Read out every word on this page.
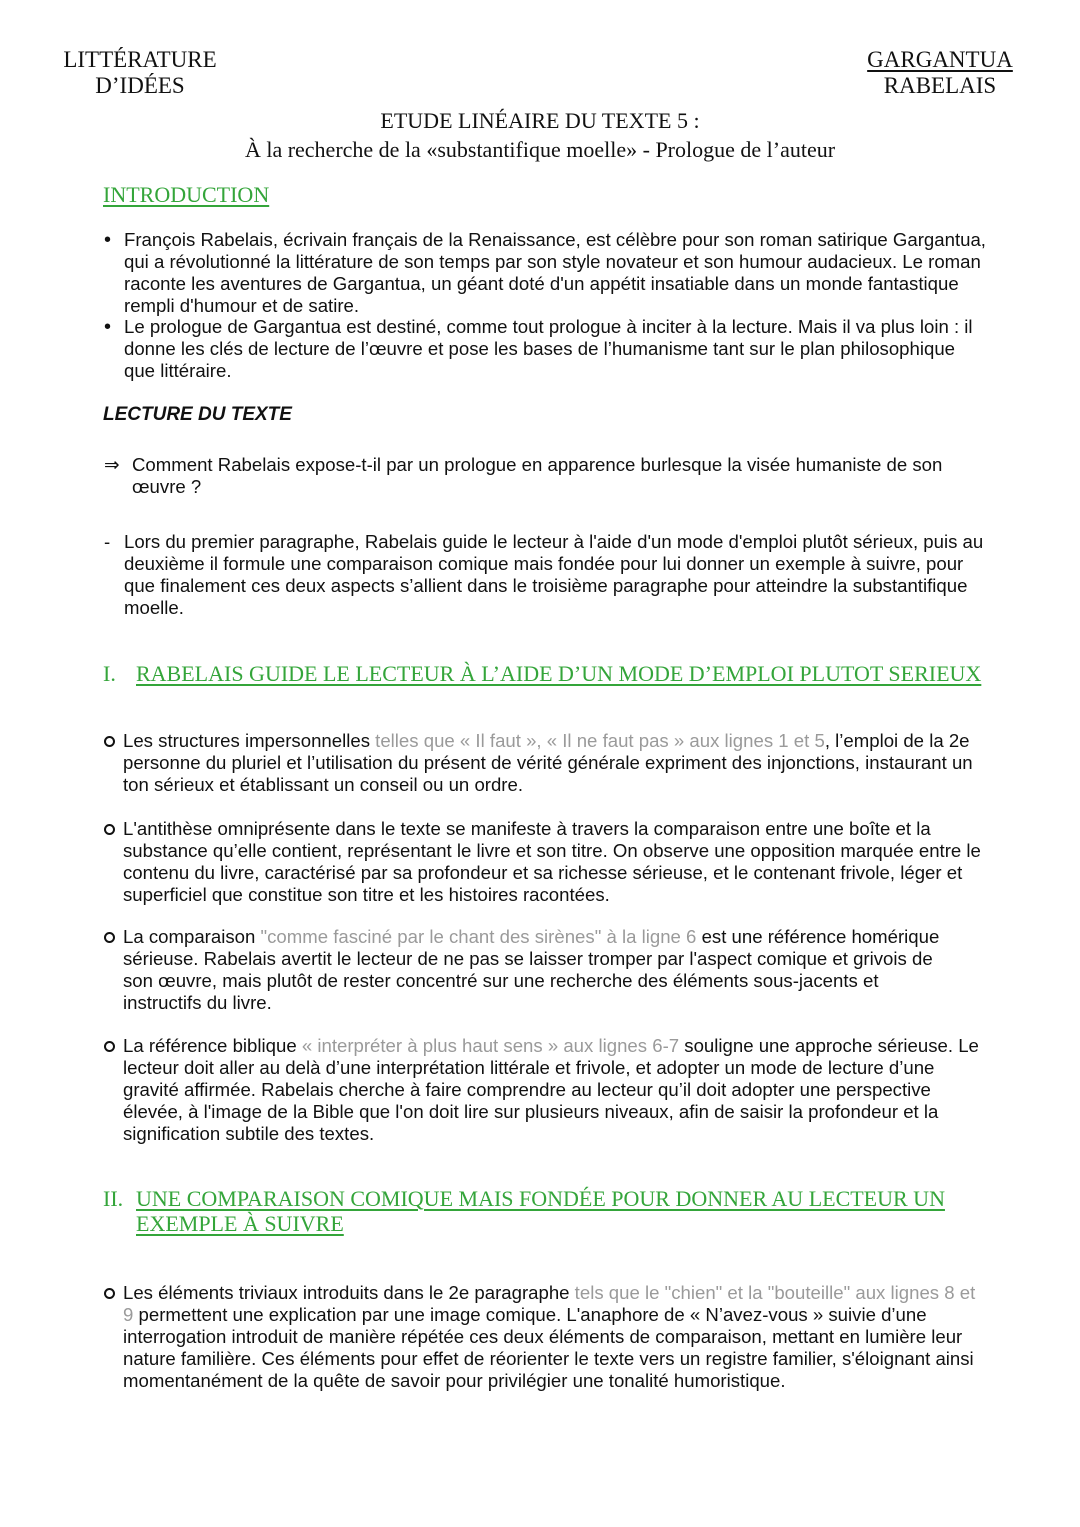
LITTÉRATURE
D’IDÉES
GARGANTUA
RABELAIS
ETUDE LINÉAIRE DU TEXTE 5 :
À la recherche de la «substantifique moelle» - Prologue de l’auteur
INTRODUCTION
• François Rabelais, écrivain français de la Renaissance, est célèbre pour son roman satirique Gargantua, qui a révolutionné la littérature de son temps par son style novateur et son humour audacieux. Le roman raconte les aventures de Gargantua, un géant doté d'un appétit insatiable dans un monde fantastique rempli d'humour et de satire.
• Le prologue de Gargantua est destiné, comme tout prologue à inciter à la lecture. Mais il va plus loin : il donne les clés de lecture de l’œuvre et pose les bases de l’humanisme tant sur le plan philosophique que littéraire.
LECTURE DU TEXTE
⇒ Comment Rabelais expose-t-il par un prologue en apparence burlesque la visée humaniste de son œuvre ?
- Lors du premier paragraphe, Rabelais guide le lecteur à l'aide d'un mode d'emploi plutôt sérieux, puis au deuxième il formule une comparaison comique mais fondée pour lui donner un exemple à suivre, pour que finalement ces deux aspects s’allient dans le troisième paragraphe pour atteindre la substantifique moelle.
I. RABELAIS GUIDE LE LECTEUR À L’AIDE D’UN MODE D’EMPLOI PLUTOT SERIEUX
Les structures impersonnelles telles que « Il faut », « Il ne faut pas » aux lignes 1 et 5, l’emploi de la 2e personne du pluriel et l’utilisation du présent de vérité générale expriment des injonctions, instaurant un ton sérieux et établissant un conseil ou un ordre.
L'antithèse omniprésente dans le texte se manifeste à travers la comparaison entre une boîte et la substance qu’elle contient, représentant le livre et son titre. On observe une opposition marquée entre le contenu du livre, caractérisé par sa profondeur et sa richesse sérieuse, et le contenant frivole, léger et superficiel que constitue son titre et les histoires racontées.
La comparaison "comme fasciné par le chant des sirènes" à la ligne 6 est une référence homérique sérieuse. Rabelais avertit le lecteur de ne pas se laisser tromper par l'aspect comique et grivois de son œuvre, mais plutôt de rester concentré sur une recherche des éléments sous-jacents et instructifs du livre.
La référence biblique « interpréter à plus haut sens » aux lignes 6-7 souligne une approche sérieuse. Le lecteur doit aller au delà d’une interprétation littérale et frivole, et adopter un mode de lecture d’une gravité affirmée. Rabelais cherche à faire comprendre au lecteur qu’il doit adopter une perspective élevée, à l'image de la Bible que l'on doit lire sur plusieurs niveaux, afin de saisir la profondeur et la signification subtile des textes.
II. UNE COMPARAISON COMIQUE MAIS FONDÉE POUR DONNER AU LECTEUR UN
EXEMPLE À SUIVRE
Les éléments triviaux introduits dans le 2e paragraphe tels que le "chien" et la "bouteille" aux lignes 8 et 9 permettent une explication par une image comique. L'anaphore de « N’avez-vous » suivie d’une interrogation introduit de manière répétée ces deux éléments de comparaison, mettant en lumière leur nature familière. Ces éléments pour effet de réorienter le texte vers un registre familier, s'éloignant ainsi momentanément de la quête de savoir pour privilégier une tonalité humoristique.
